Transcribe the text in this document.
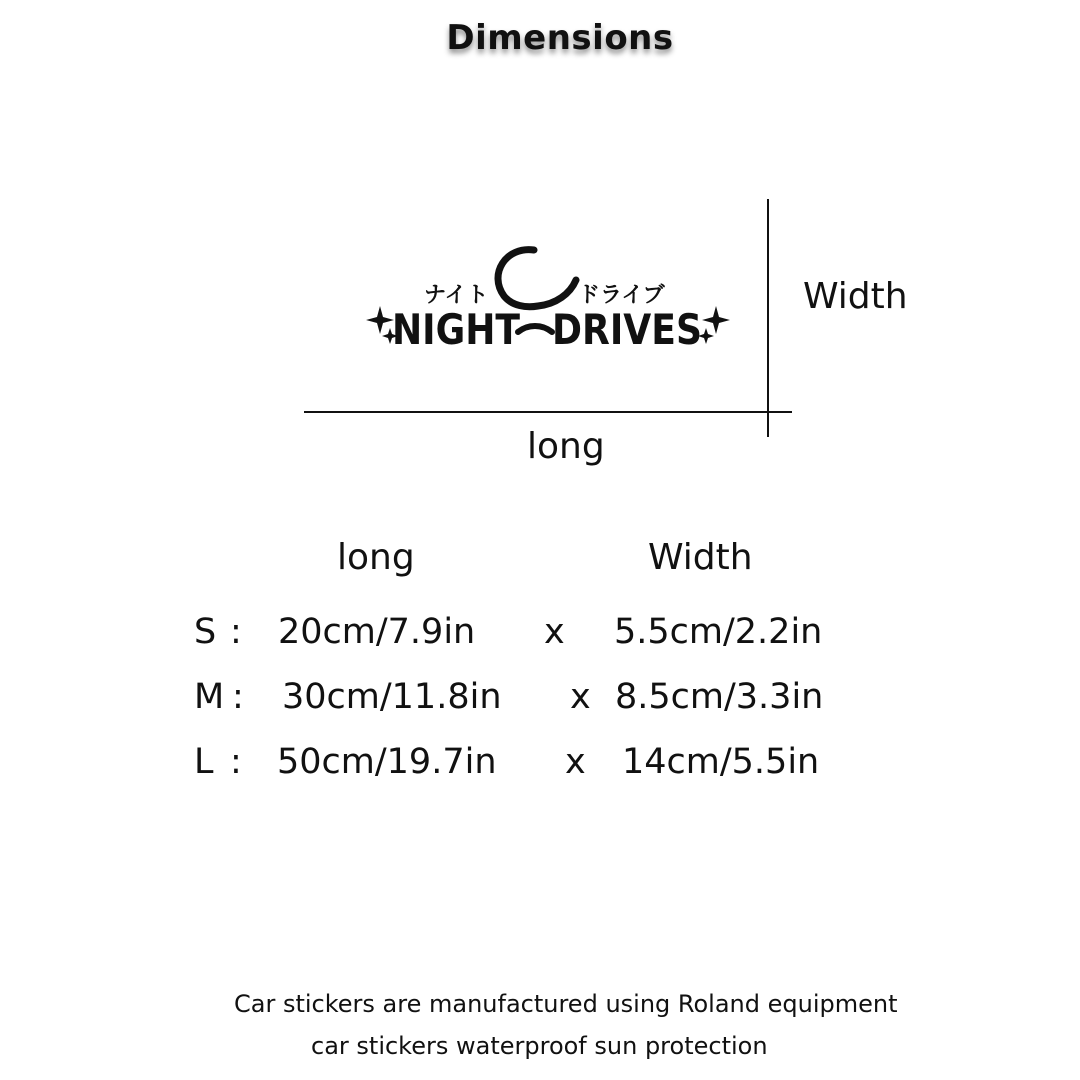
Dimensions
ナイト	ドライブ
NIGHT DRIVES
Width
long
long	Width
S : 20cm/7.9in x 5.5cm/2.2in
M : 30cm/11.8in x 8.5cm/3.3in
L : 50cm/19.7in x 14cm/5.5in
Car stickers are manufactured using Roland equipment
car stickers waterproof sun protection
